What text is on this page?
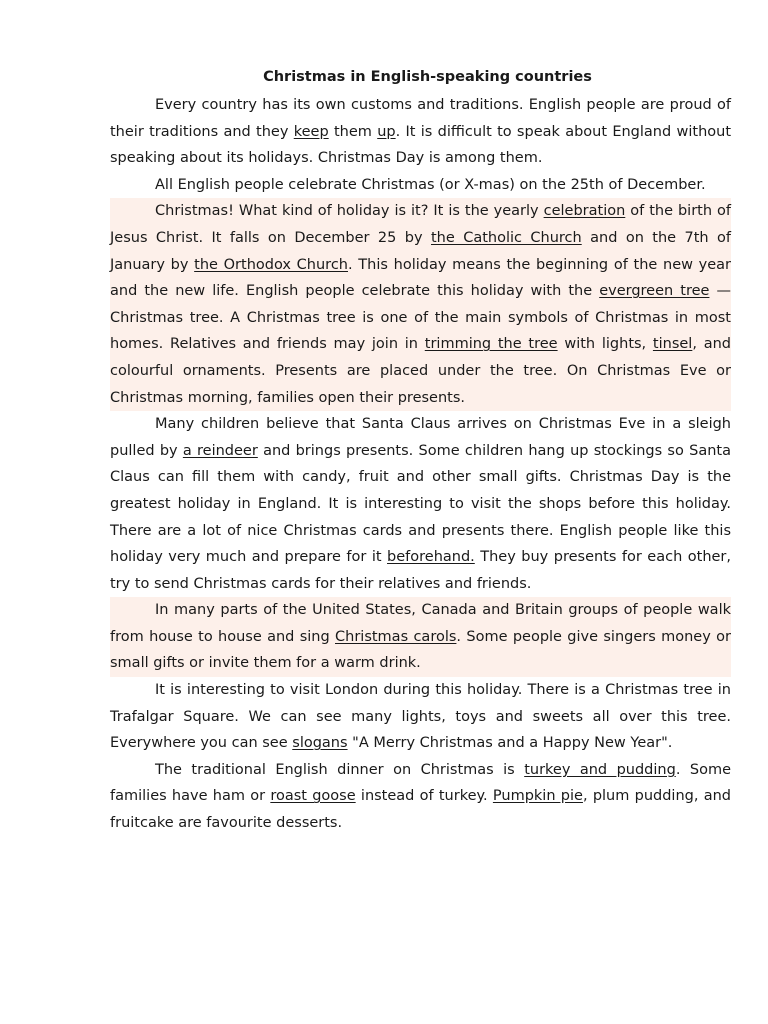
Christmas in English-speaking countries

Every country has its own customs and traditions. English people are proud of their traditions and they keep them up. It is difficult to speak about England without speaking about its holidays. Christmas Day is among them.

All English people celebrate Christmas (or X-mas) on the 25th of December.

Christmas! What kind of holiday is it? It is the yearly celebration of the birth of Jesus Christ. It falls on December 25 by the Catholic Church and on the 7th of January by the Orthodox Church. This holiday means the beginning of the new year and the new life. English people celebrate this holiday with the evergreen tree — Christmas tree. A Christmas tree is one of the main symbols of Christmas in most homes. Relatives and friends may join in trimming the tree with lights, tinsel, and colourful ornaments. Presents are placed under the tree. On Christmas Eve or Christmas morning, families open their presents.

Many children believe that Santa Claus arrives on Christmas Eve in a sleigh pulled by a reindeer and brings presents. Some children hang up stockings so Santa Claus can fill them with candy, fruit and other small gifts. Christmas Day is the greatest holiday in England. It is interesting to visit the shops before this holiday. There are a lot of nice Christmas cards and presents there. English people like this holiday very much and prepare for it beforehand. They buy presents for each other, try to send Christmas cards for their relatives and friends.

In many parts of the United States, Canada and Britain groups of people walk from house to house and sing Christmas carols. Some people give singers money or small gifts or invite them for a warm drink.

It is interesting to visit London during this holiday. There is a Christmas tree in Trafalgar Square. We can see many lights, toys and sweets all over this tree. Everywhere you can see slogans "A Merry Christmas and a Happy New Year".

The traditional English dinner on Christmas is turkey and pudding. Some families have ham or roast goose instead of turkey. Pumpkin pie, plum pudding, and fruitcake are favourite desserts.
